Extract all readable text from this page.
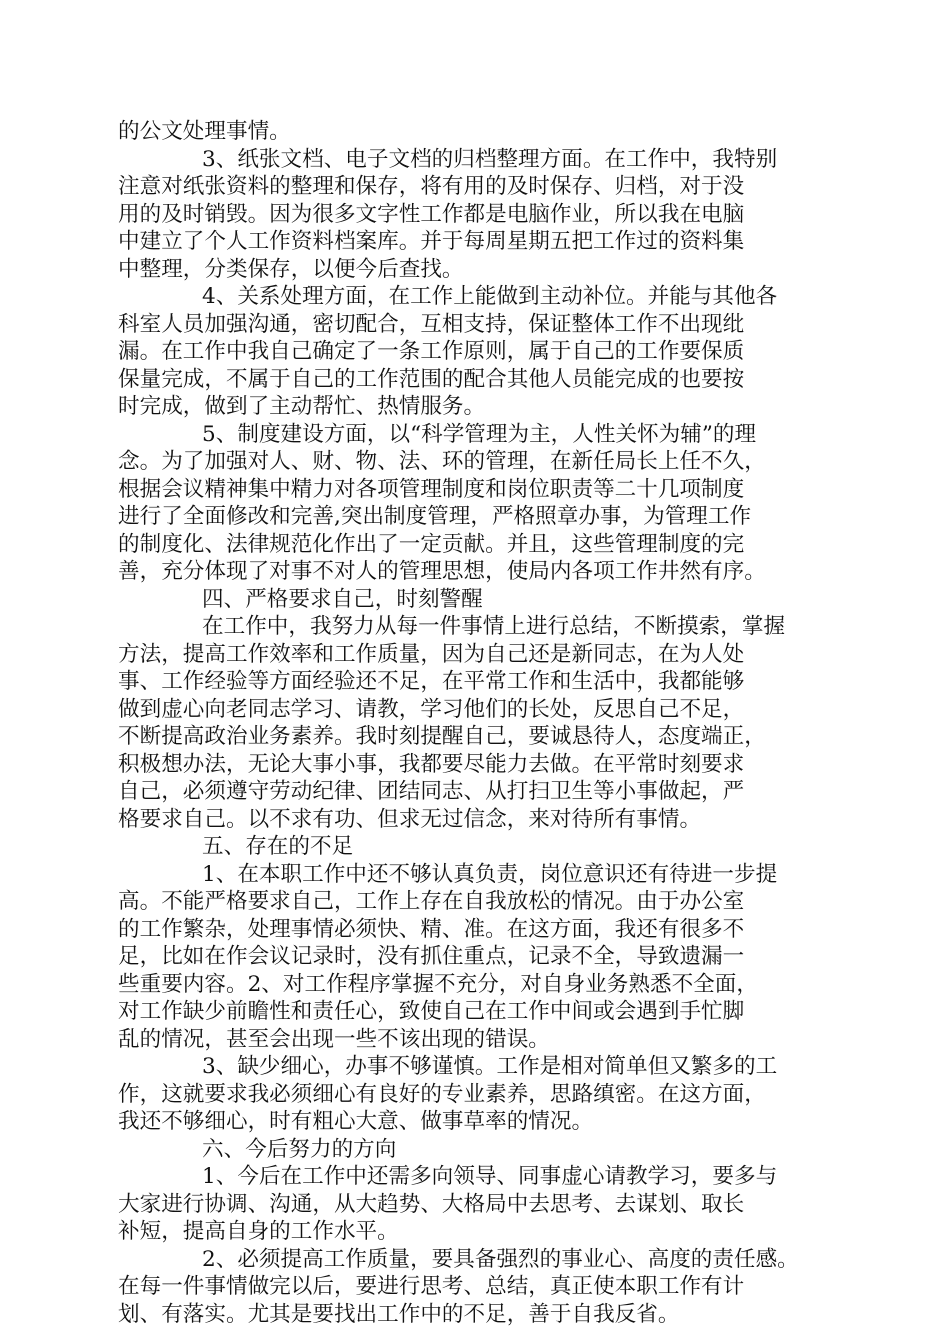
的公文处理事情。
3、纸张文档、电子文档的归档整理方面。在工作中，我特别
注意对纸张资料的整理和保存，将有用的及时保存、归档，对于没
用的及时销毁。因为很多文字性工作都是电脑作业，所以我在电脑
中建立了个人工作资料档案库。并于每周星期五把工作过的资料集
中整理，分类保存，以便今后查找。
4、关系处理方面，在工作上能做到主动补位。并能与其他各
科室人员加强沟通，密切配合，互相支持，保证整体工作不出现纰
漏。在工作中我自己确定了一条工作原则，属于自己的工作要保质
保量完成，不属于自己的工作范围的配合其他人员能完成的也要按
时完成，做到了主动帮忙、热情服务。
5、制度建设方面，以“科学管理为主，人性关怀为辅”的理
念。为了加强对人、财、物、法、环的管理，在新任局长上任不久，
根据会议精神集中精力对各项管理制度和岗位职责等二十几项制度
进行了全面修改和完善,突出制度管理，严格照章办事，为管理工作
的制度化、法律规范化作出了一定贡献。并且，这些管理制度的完
善，充分体现了对事不对人的管理思想，使局内各项工作井然有序。
四、严格要求自己，时刻警醒
在工作中，我努力从每一件事情上进行总结，不断摸索，掌握
方法，提高工作效率和工作质量，因为自己还是新同志，在为人处
事、工作经验等方面经验还不足，在平常工作和生活中，我都能够
做到虚心向老同志学习、请教，学习他们的长处，反思自己不足，
不断提高政治业务素养。我时刻提醒自己，要诚恳待人，态度端正，
积极想办法，无论大事小事，我都要尽能力去做。在平常时刻要求
自己，必须遵守劳动纪律、团结同志、从打扫卫生等小事做起，严
格要求自己。以不求有功、但求无过信念，来对待所有事情。
五、存在的不足
1、在本职工作中还不够认真负责，岗位意识还有待进一步提
高。不能严格要求自己，工作上存在自我放松的情况。由于办公室
的工作繁杂，处理事情必须快、精、准。在这方面，我还有很多不
足，比如在作会议记录时，没有抓住重点，记录不全，导致遗漏一
些重要内容。2、对工作程序掌握不充分，对自身业务熟悉不全面，
对工作缺少前瞻性和责任心，致使自己在工作中间或会遇到手忙脚
乱的情况，甚至会出现一些不该出现的错误。
3、缺少细心，办事不够谨慎。工作是相对简单但又繁多的工
作，这就要求我必须细心有良好的专业素养，思路缜密。在这方面，
我还不够细心，时有粗心大意、做事草率的情况。
六、今后努力的方向
1、今后在工作中还需多向领导、同事虚心请教学习，要多与
大家进行协调、沟通，从大趋势、大格局中去思考、去谋划、取长
补短，提高自身的工作水平。
2、必须提高工作质量，要具备强烈的事业心、高度的责任感。
在每一件事情做完以后，要进行思考、总结，真正使本职工作有计
划、有落实。尤其是要找出工作中的不足，善于自我反省。
